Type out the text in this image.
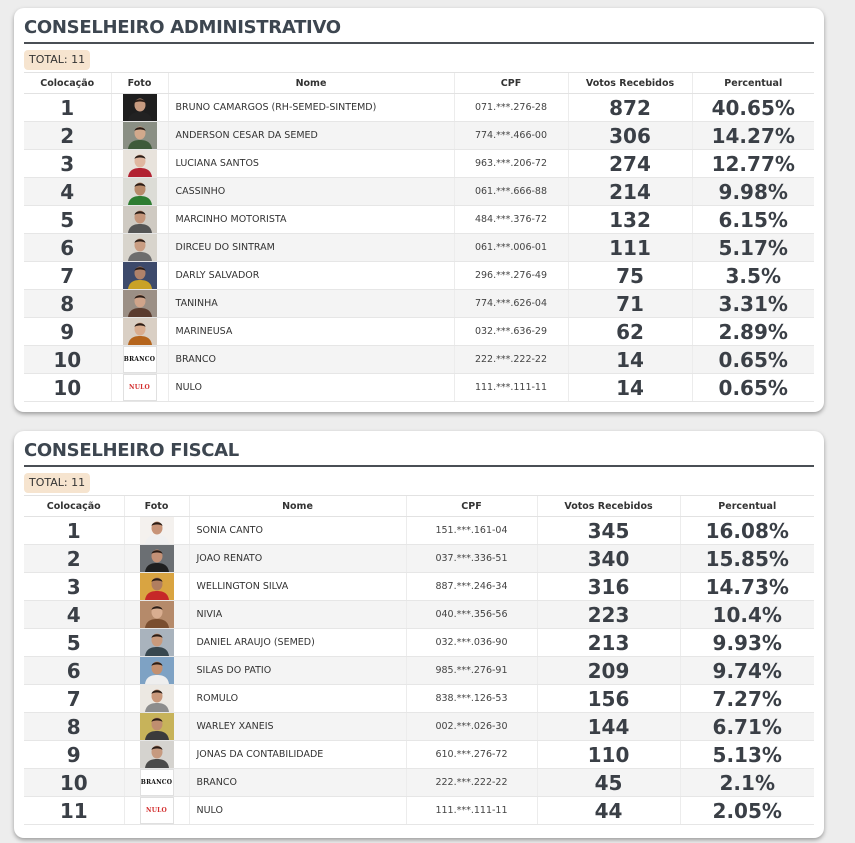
CONSELHEIRO ADMINISTRATIVO
TOTAL: 11
Colocação	Foto	Nome	CPF	Votos Recebidos	Percentual
1		BRUNO CAMARGOS (RH-SEMED-SINTEMD)	071.***.276-28	872	40.65%
2		ANDERSON CESAR DA SEMED	774.***.466-00	306	14.27%
3		LUCIANA SANTOS	963.***.206-72	274	12.77%
4		CASSINHO	061.***.666-88	214	9.98%
5		MARCINHO MOTORISTA	484.***.376-72	132	6.15%
6		DIRCEU DO SINTRAM	061.***.006-01	111	5.17%
7		DARLY SALVADOR	296.***.276-49	75	3.5%
8		TANINHA	774.***.626-04	71	3.31%
9		MARINEUSA	032.***.636-29	62	2.89%
10	BRANCO	BRANCO	222.***.222-22	14	0.65%
10	NULO	NULO	111.***.111-11	14	0.65%
CONSELHEIRO FISCAL
TOTAL: 11
Colocação	Foto	Nome	CPF	Votos Recebidos	Percentual
1		SONIA CANTO	151.***.161-04	345	16.08%
2		JOAO RENATO	037.***.336-51	340	15.85%
3		WELLINGTON SILVA	887.***.246-34	316	14.73%
4		NIVIA	040.***.356-56	223	10.4%
5		DANIEL ARAUJO (SEMED)	032.***.036-90	213	9.93%
6		SILAS DO PATIO	985.***.276-91	209	9.74%
7		ROMULO	838.***.126-53	156	7.27%
8		WARLEY XANEIS	002.***.026-30	144	6.71%
9		JONAS DA CONTABILIDADE	610.***.276-72	110	5.13%
10	BRANCO	BRANCO	222.***.222-22	45	2.1%
11	NULO	NULO	111.***.111-11	44	2.05%
